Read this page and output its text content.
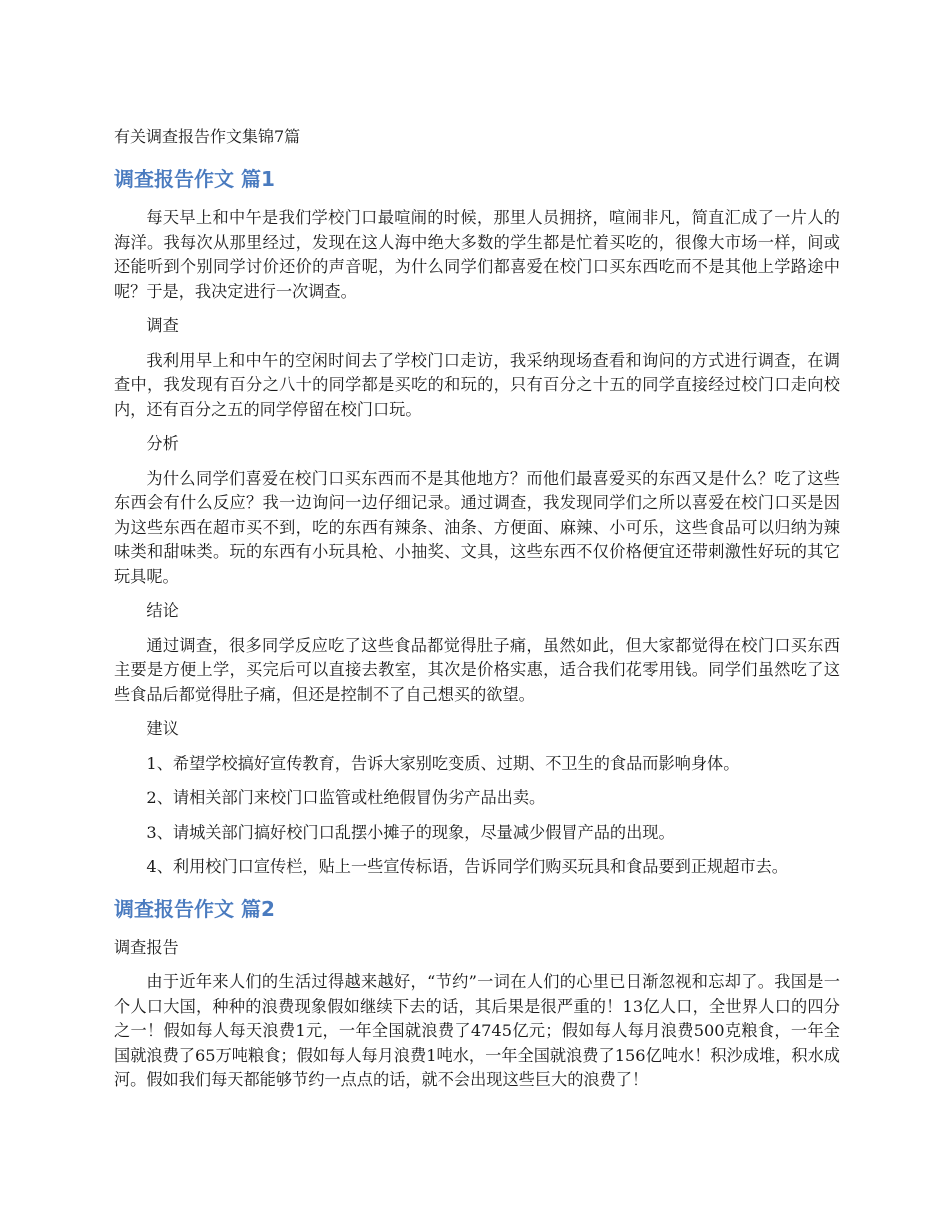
有关调查报告作文集锦7篇
调查报告作文 篇1

每天早上和中午是我们学校门口最喧闹的时候，那里人员拥挤，喧闹非凡，简直汇成了一片人的海洋。我每次从那里经过，发现在这人海中绝大多数的学生都是忙着买吃的，很像大市场一样，间或还能听到个别同学讨价还价的声音呢，为什么同学们都喜爱在校门口买东西吃而不是其他上学路途中呢？于是，我决定进行一次调查。

调查

我利用早上和中午的空闲时间去了学校门口走访，我采纳现场查看和询问的方式进行调查，在调查中，我发现有百分之八十的同学都是买吃的和玩的，只有百分之十五的同学直接经过校门口走向校内，还有百分之五的同学停留在校门口玩。

分析

为什么同学们喜爱在校门口买东西而不是其他地方？而他们最喜爱买的东西又是什么？吃了这些东西会有什么反应？我一边询问一边仔细记录。通过调查，我发现同学们之所以喜爱在校门口买是因为这些东西在超市买不到，吃的东西有辣条、油条、方便面、麻辣、小可乐，这些食品可以归纳为辣味类和甜味类。玩的东西有小玩具枪、小抽奖、文具，这些东西不仅价格便宜还带刺激性好玩的其它玩具呢。

结论

通过调查，很多同学反应吃了这些食品都觉得肚子痛，虽然如此，但大家都觉得在校门口买东西主要是方便上学，买完后可以直接去教室，其次是价格实惠，适合我们花零用钱。同学们虽然吃了这些食品后都觉得肚子痛，但还是控制不了自己想买的欲望。

建议

1、希望学校搞好宣传教育，告诉大家别吃变质、过期、不卫生的食品而影响身体。

2、请相关部门来校门口监管或杜绝假冒伪劣产品出卖。

3、请城关部门搞好校门口乱摆小摊子的现象，尽量减少假冒产品的出现。

4、利用校门口宣传栏，贴上一些宣传标语，告诉同学们购买玩具和食品要到正规超市去。

调查报告作文 篇2

调查报告

由于近年来人们的生活过得越来越好，“节约”一词在人们的心里已日渐忽视和忘却了。我国是一个人口大国，种种的浪费现象假如继续下去的话，其后果是很严重的！13亿人口，全世界人口的四分之一！假如每人每天浪费1元，一年全国就浪费了4745亿元；假如每人每月浪费500克粮食，一年全国就浪费了65万吨粮食；假如每人每月浪费1吨水，一年全国就浪费了156亿吨水！积沙成堆，积水成河。假如我们每天都能够节约一点点的话，就不会出现这些巨大的浪费了！
